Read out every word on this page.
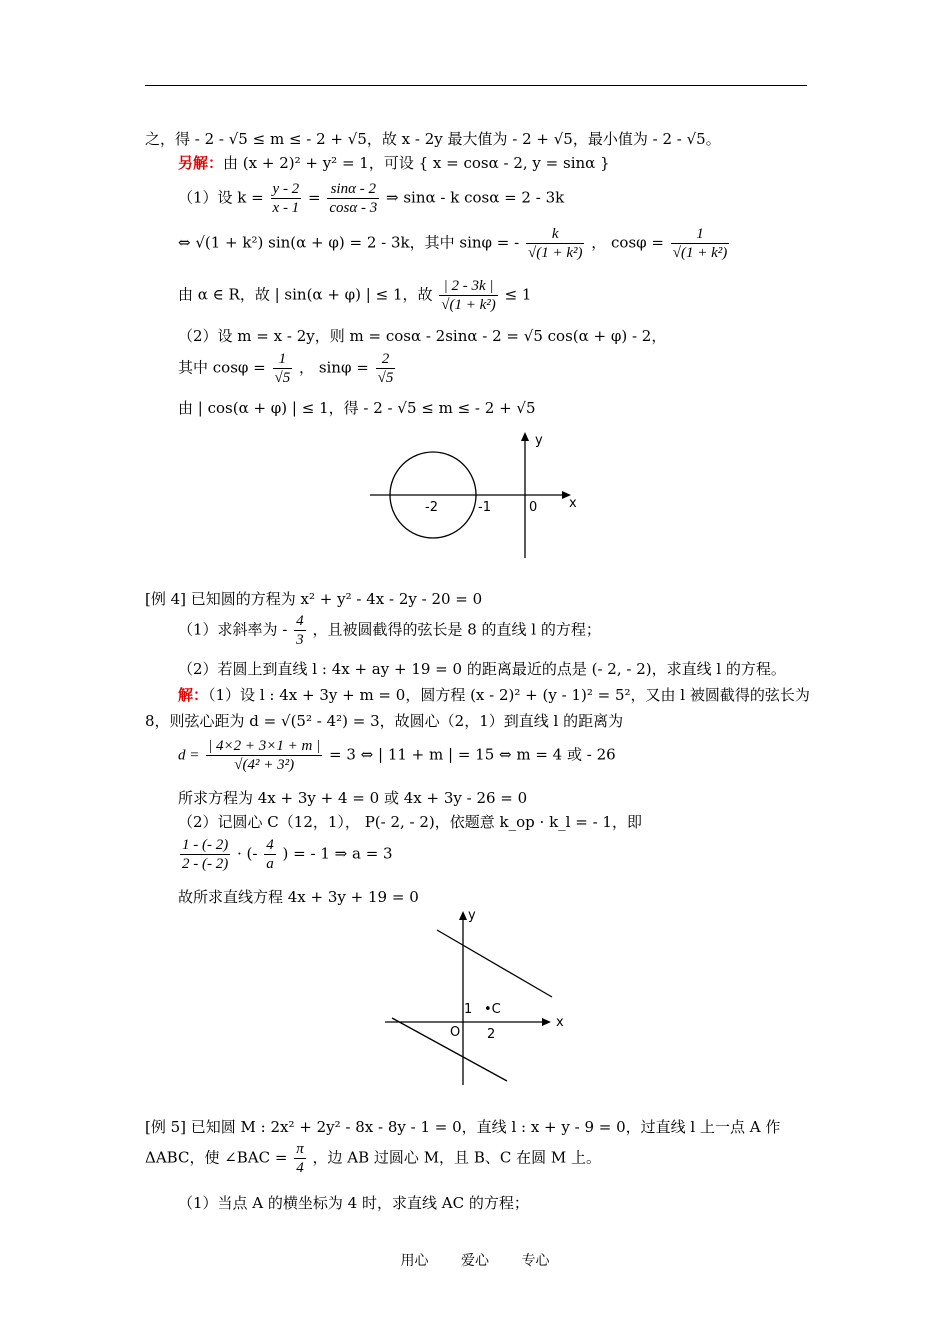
之，得 - 2 - √5 ≤ m ≤ - 2 + √5，故 x - 2y 最大值为 - 2 + √5，最小值为 - 2 - √5。
另解：由 (x + 2)² + y² = 1，可设 { x = cosα - 2, y = sinα }
（1）设 $k = \frac{y - 2}{x - 1} = \frac{\sin\alpha - 2}{\cos\alpha - 3}$ ⇒ sinα - k cosα = 2 - 3k
⇔ √(1 + k²) sin(α + φ) = 2 - 3k，其中 sinφ = - $\frac{k}{\text{√(1 + k²)}}$ ， $\cos\varphi = \frac{1}{\text{√(1 + k²)}}$
由 α ∈ R，故 | sin(α + φ) | ≤ 1，故 $\frac{| 2 - 3k |}{\text{√(1 + k²)}} \le 1$
（2）设 m = x - 2y，则 m = cosα - 2sinα - 2 = √5 cos(α + φ) - 2，
其中 $\cos\varphi = \frac{1}{√5}$ ， $\sin\varphi = \frac{2}{√5}$
由 | cos(α + φ) | ≤ 1，得 - 2 - √5 ≤ m ≤ - 2 + √5
y
x
-2	-1	0
[例 4] 已知圆的方程为 x² + y² - 4x - 2y - 20 = 0
（1）求斜率为 - $\frac{4}{3}$ ，且被圆截得的弦长是 8 的直线 l 的方程；
（2）若圆上到直线 l : 4x + ay + 19 = 0 的距离最近的点是 (- 2, - 2)，求直线 l 的方程。
解：（1）设 l : 4x + 3y + m = 0，圆方程 (x - 2)² + (y - 1)² = 5²，又由 l 被圆截得的弦长为
8，则弦心距为 d = √(5² - 4²) = 3，故圆心（2，1）到直线 l 的距离为
$d = \frac{| 4\times 2 + 3\times 1 + m |}{\text{√(4² + 3²)}} = 3$ ⇔ | 11 + m | = 15 ⇔ m = 4 或 - 26
所求方程为 4x + 3y + 4 = 0 或 4x + 3y - 26 = 0
（2）记圆心 C（12，1）， P(- 2, - 2)，依题意 k_op · k_l = - 1，即
$\frac{1 - (- 2)}{2 - (- 2)}$ · (- $\frac{4}{a}$ ) = - 1 ⇒ a = 3
故所求直线方程 4x + 3y + 19 = 0
y
x
1 •C
O 2
[例 5] 已知圆 M : 2x² + 2y² - 8x - 8y - 1 = 0，直线 l : x + y - 9 = 0，过直线 l 上一点 A 作
ΔABC，使 ∠BAC = $\frac{\pi}{4}$ ，边 AB 过圆心 M，且 B、C 在圆 M 上。
（1）当点 A 的横坐标为 4 时，求直线 AC 的方程；
用心 爱心 专心
